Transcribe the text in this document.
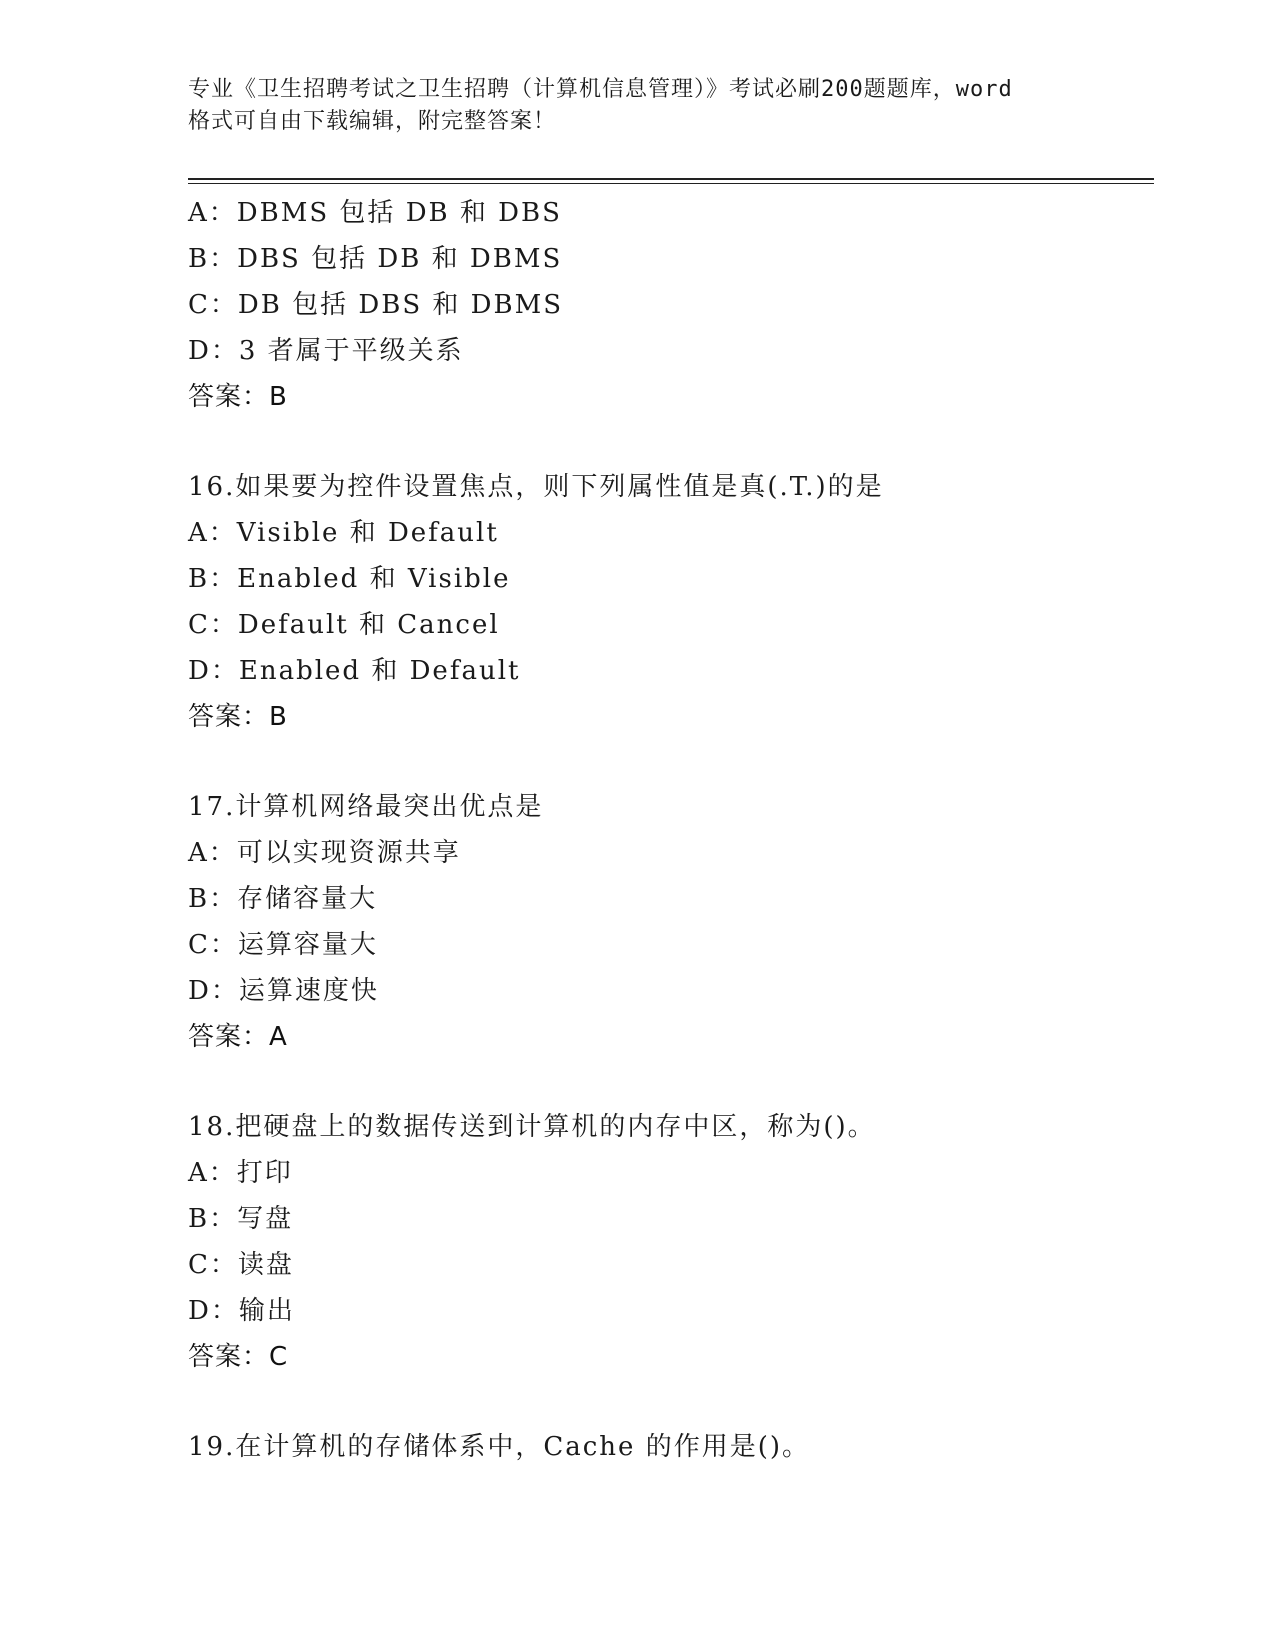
专业《卫生招聘考试之卫生招聘（计算机信息管理）》考试必刷200题题库，word
格式可自由下载编辑，附完整答案！
A：DBMS 包括 DB 和 DBS
B：DBS 包括 DB 和 DBMS
C：DB 包括 DBS 和 DBMS
D：3 者属于平级关系
答案：B
16.如果要为控件设置焦点，则下列属性值是真(.T.)的是
A：Visible 和 Default
B：Enabled 和 Visible
C：Default 和 Cancel
D：Enabled 和 Default
答案：B
17.计算机网络最突出优点是
A：可以实现资源共享
B：存储容量大
C：运算容量大
D：运算速度快
答案：A
18.把硬盘上的数据传送到计算机的内存中区，称为()。
A：打印
B：写盘
C：读盘
D：输出
答案：C
19.在计算机的存储体系中，Cache 的作用是()。
